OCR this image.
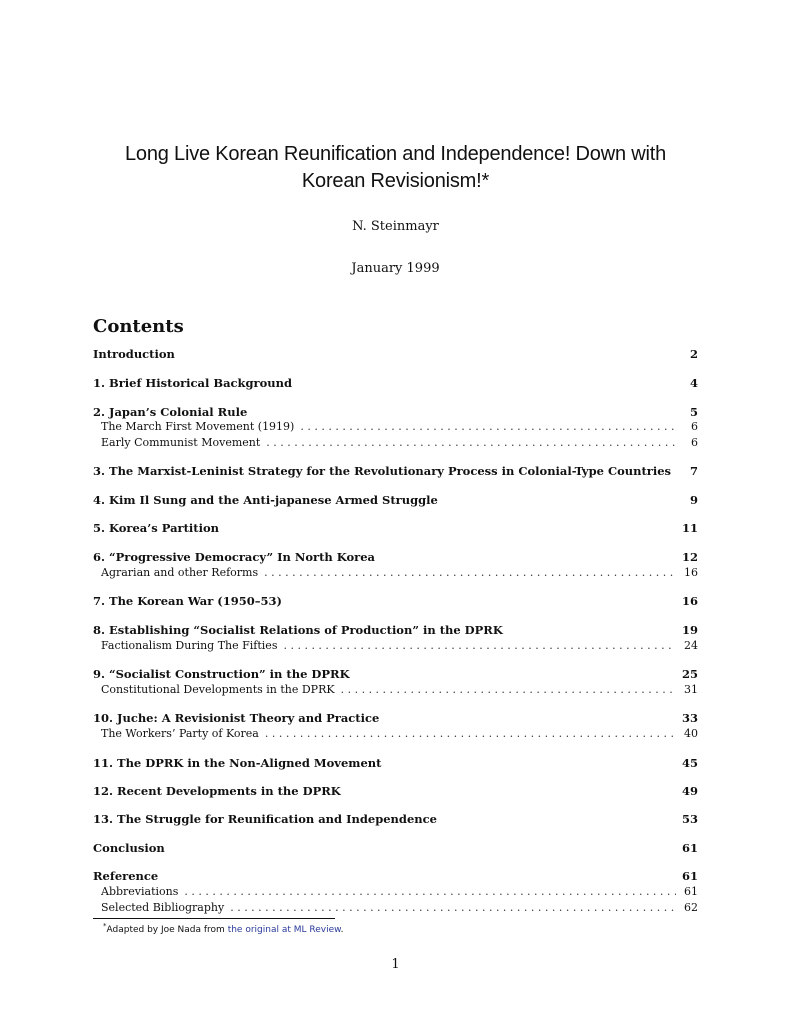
Long Live Korean Reunification and Independence! Down with
Korean Revisionism!*
N. Steinmayr
January 1999
Contents
Introduction	2
1. Brief Historical Background	4
2. Japan’s Colonial Rule	5
The March First Movement (1919) . . .	6
Early Communist Movement . . .	6
3. The Marxist-Leninist Strategy for the Revolutionary Process in Colonial-Type Countries	7
4. Kim Il Sung and the Anti-japanese Armed Struggle	9
5. Korea’s Partition	11
6. “Progressive Democracy” In North Korea	12
Agrarian and other Reforms . . .	16
7. The Korean War (1950–53)	16
8. Establishing “Socialist Relations of Production” in the DPRK	19
Factionalism During The Fifties . . .	24
9. “Socialist Construction” in the DPRK	25
Constitutional Developments in the DPRK . . .	31
10. Juche: A Revisionist Theory and Practice	33
The Workers’ Party of Korea . . .	40
11. The DPRK in the Non-Aligned Movement	45
12. Recent Developments in the DPRK	49
13. The Struggle for Reunification and Independence	53
Conclusion	61
Reference	61
Abbreviations . . .	61
Selected Bibliography . . .	62
*Adapted by Joe Nada from the original at ML Review.
1
